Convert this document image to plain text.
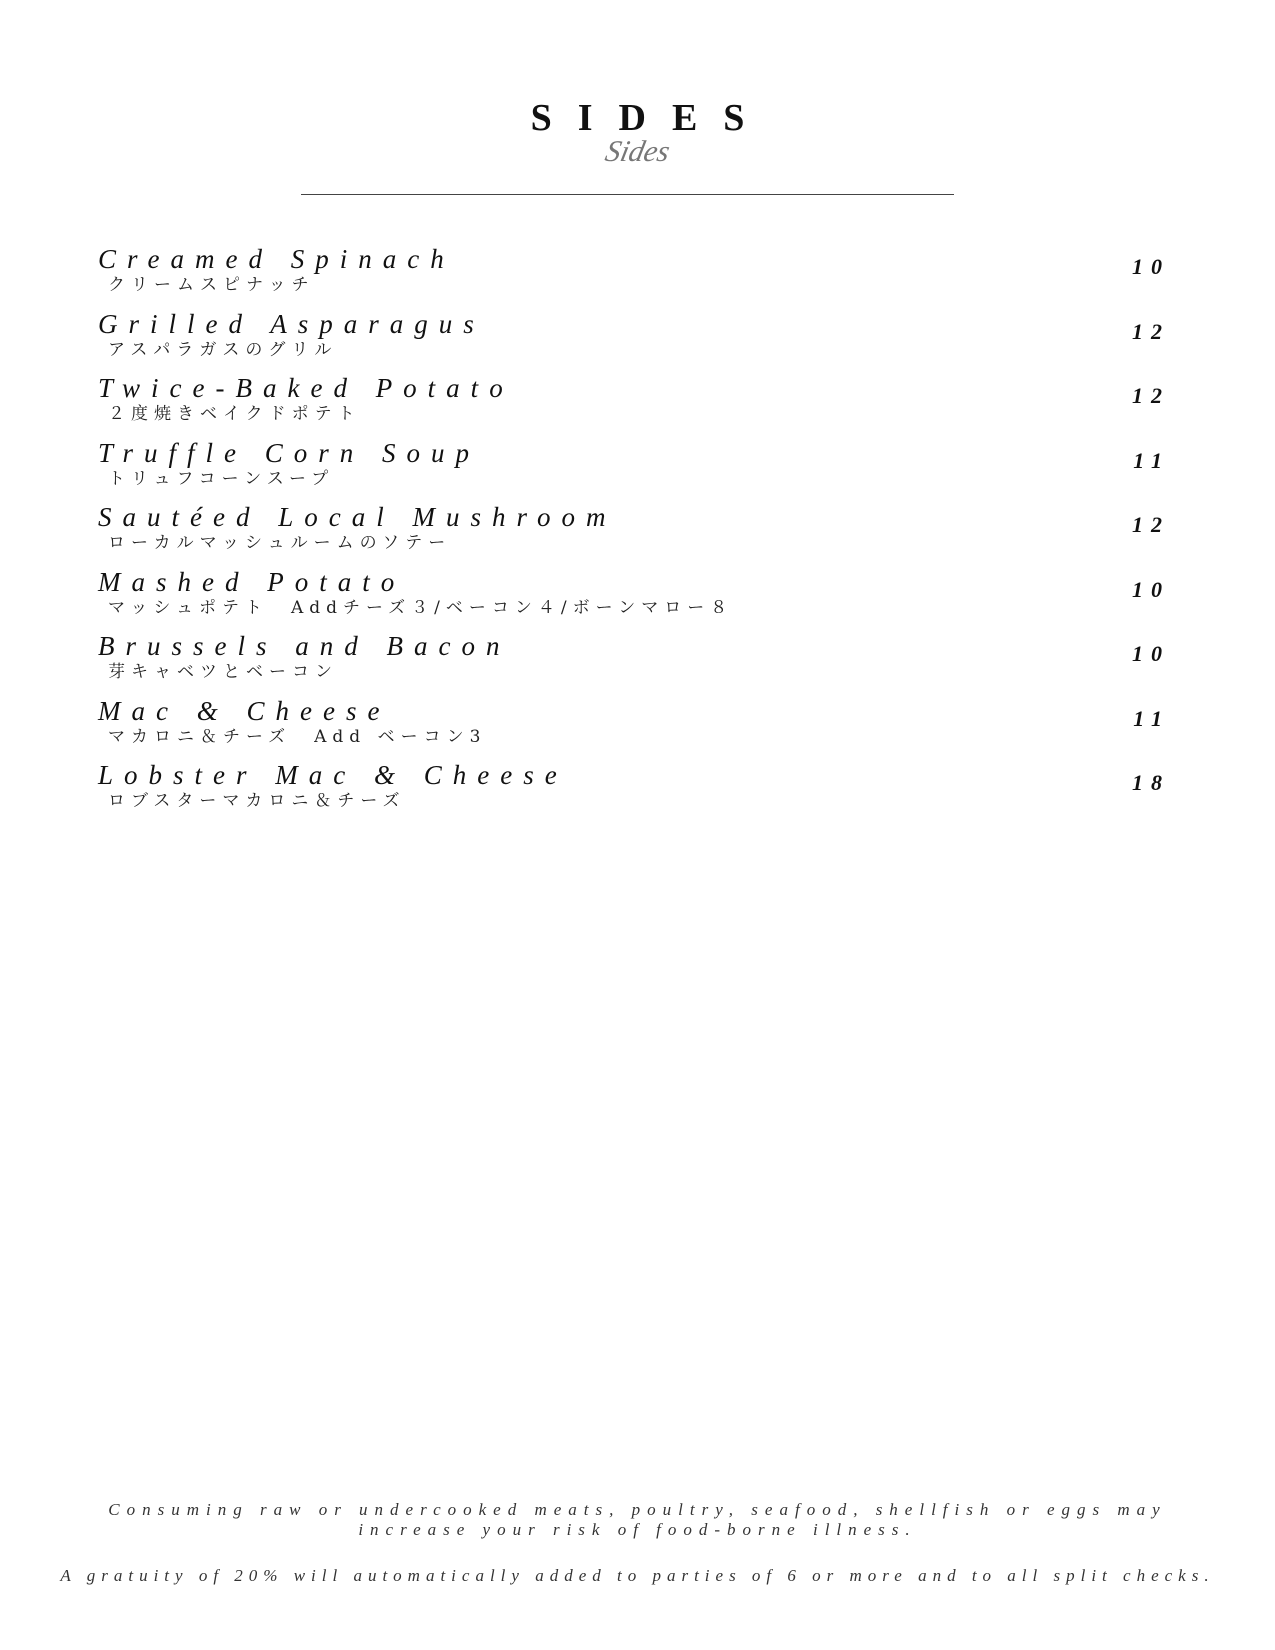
SIDES
Sides
Creamed Spinach
クリームスピナッチ
10
Grilled Asparagus
アスパラガスのグリル
12
Twice-Baked Potato
２度焼きベイクドポテト
12
Truffle Corn Soup
トリュフコーンスープ
11
Sautéed Local Mushroom
ローカルマッシュルームのソテー
12
Mashed Potato
マッシュポテト　Addチーズ３/ベーコン４/ボーンマロー８
10
Brussels and Bacon
芽キャベツとベーコン
10
Mac & Cheese
マカロニ＆チーズ　Add ベーコン3
11
Lobster Mac & Cheese
ロブスターマカロニ＆チーズ
18
Consuming raw or undercooked meats, poultry, seafood, shellfish or eggs may increase your risk of food-borne illness.
A gratuity of 20% will automatically added to parties of 6 or more and to all split checks.
